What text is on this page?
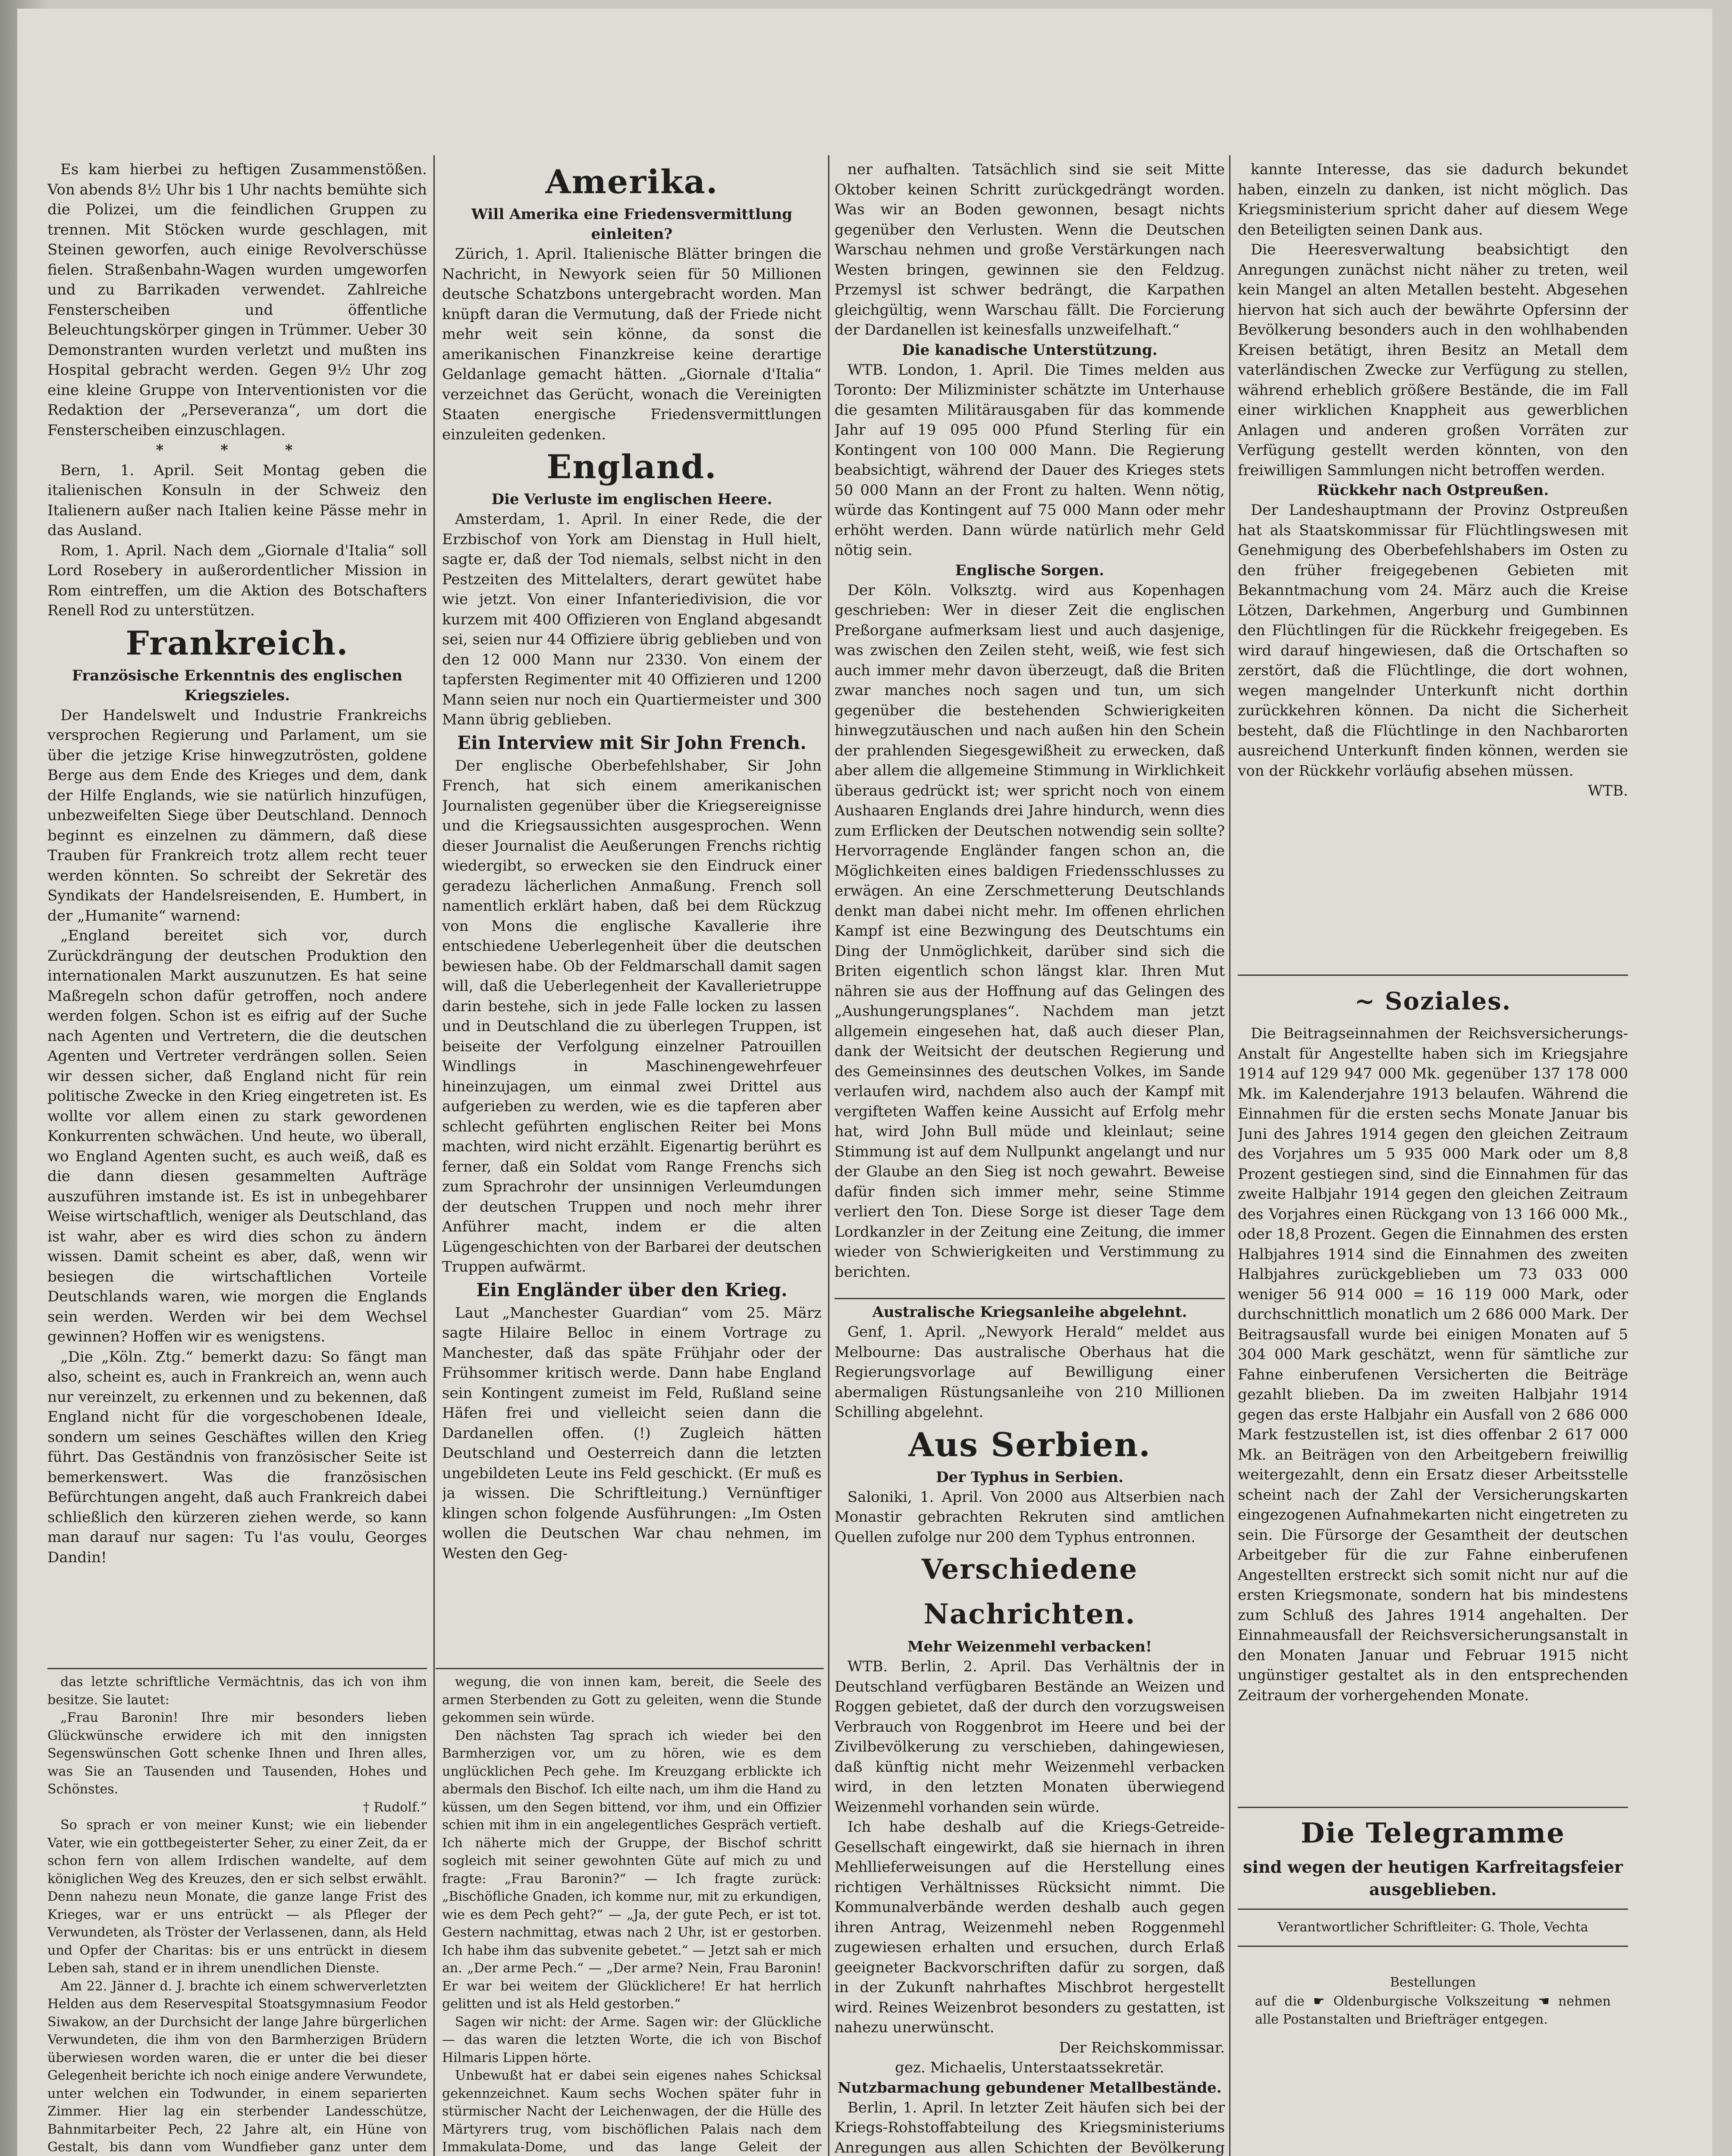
Es kam hierbei zu heftigen Zusammenstößen. Von abends 8½ Uhr bis 1 Uhr nachts bemühte sich die Polizei, um die feindlichen Gruppen zu trennen. Mit Stöcken wurde geschlagen, mit Steinen geworfen, auch einige Revolverschüsse fielen. Straßenbahn-Wagen wurden umgeworfen und zu Barrikaden verwendet. Zahlreiche Fensterscheiben und öffentliche Beleuchtungskörper gingen in Trümmer. Ueber 30 Demonstranten wurden verletzt und mußten ins Hospital gebracht werden. Gegen 9½ Uhr zog eine kleine Gruppe von Interventionisten vor die Redaktion der „Perseveranza“, um dort die Fensterscheiben einzuschlagen.

* * *

Bern, 1. April. Seit Montag geben die italienischen Konsuln in der Schweiz den Italienern außer nach Italien keine Pässe mehr in das Ausland.

Rom, 1. April. Nach dem „Giornale d'Italia“ soll Lord Rosebery in außerordentlicher Mission in Rom eintreffen, um die Aktion des Botschafters Renell Rod zu unterstützen.

Frankreich.

Französische Erkenntnis des englischen Kriegszieles.

Der Handelswelt und Industrie Frankreichs versprochen Regierung und Parlament, um sie über die jetzige Krise hinwegzutrösten, goldene Berge aus dem Ende des Krieges und dem, dank der Hilfe Englands, wie sie natürlich hinzufügen, unbezweifelten Siege über Deutschland. Dennoch beginnt es einzelnen zu dämmern, daß diese Trauben für Frankreich trotz allem recht teuer werden könnten. So schreibt der Sekretär des Syndikats der Handelsreisenden, E. Humbert, in der „Humanite“ warnend:

„England bereitet sich vor, durch Zurückdrängung der deutschen Produktion den internationalen Markt auszunutzen. Es hat seine Maßregeln schon dafür getroffen, noch andere werden folgen. Schon ist es eifrig auf der Suche nach Agenten und Vertretern, die die deutschen Agenten und Vertreter verdrängen sollen. Seien wir dessen sicher, daß England nicht für rein politische Zwecke in den Krieg eingetreten ist. Es wollte vor allem einen zu stark gewordenen Konkurrenten schwächen. Und heute, wo überall, wo England Agenten sucht, es auch weiß, daß es die dann diesen gesammelten Aufträge auszuführen imstande ist. Es ist in unbegehbarer Weise wirtschaftlich, weniger als Deutschland, das ist wahr, aber es wird dies schon zu ändern wissen. Damit scheint es aber, daß, wenn wir besiegen die wirtschaftlichen Vorteile Deutschlands waren, wie morgen die Englands sein werden. Werden wir bei dem Wechsel gewinnen? Hoffen wir es wenigstens.

„Die „Köln. Ztg.“ bemerkt dazu: So fängt man also, scheint es, auch in Frankreich an, wenn auch nur vereinzelt, zu erkennen und zu bekennen, daß England nicht für die vorgeschobenen Ideale, sondern um seines Geschäftes willen den Krieg führt. Das Geständnis von französischer Seite ist bemerkenswert. Was die französischen Befürchtungen angeht, daß auch Frankreich dabei schließlich den kürzeren ziehen werde, so kann man darauf nur sagen: Tu l'as voulu, Georges Dandin!

das letzte schriftliche Vermächtnis, das ich von ihm besitze. Sie lautet:

„Frau Baronin! Ihre mir besonders lieben Glückwünsche erwidere ich mit den innigsten Segenswünschen Gott schenke Ihnen und Ihren alles, was Sie an Tausenden und Tausenden, Hohes und Schönstes.

† Rudolf.“

So sprach er von meiner Kunst; wie ein liebender Vater, wie ein gottbegeisterter Seher, zu einer Zeit, da er schon fern von allem Irdischen wandelte, auf dem königlichen Weg des Kreuzes, den er sich selbst erwählt. Denn nahezu neun Monate, die ganze lange Frist des Krieges, war er uns entrückt — als Pfleger der Verwundeten, als Tröster der Verlassenen, dann, als Held und Opfer der Charitas: bis er uns entrückt in diesem Leben sah, stand er in ihrem unendlichen Dienste.

Am 22. Jänner d. J. brachte ich einem schwerverletzten Helden aus dem Reservespital Stoatsgymnasium Feodor Siwakow, an der Durchsicht der lange Jahre bürgerlichen Verwundeten, die ihm von den Barmherzigen Brüdern überwiesen worden waren, die er unter die bei dieser Gelegenheit berichte ich noch einige andere Verwundete, unter welchen ein Todwunder, in einem separierten Zimmer. Hier lag ein sterbender Landesschütze, Bahnmitarbeiter Pech, 22 Jahre alt, ein Hüne von Gestalt, bis dann vom Wundfieber ganz unter dem

Amerika.

Will Amerika eine Friedensvermittlung einleiten?

Zürich, 1. April. Italienische Blätter bringen die Nachricht, in Newyork seien für 50 Millionen deutsche Schatzbons untergebracht worden. Man knüpft daran die Vermutung, daß der Friede nicht mehr weit sein könne, da sonst die amerikanischen Finanzkreise keine derartige Geldanlage gemacht hätten. „Giornale d'Italia“ verzeichnet das Gerücht, wonach die Vereinigten Staaten energische Friedensvermittlungen einzuleiten gedenken.

England.

Die Verluste im englischen Heere.

Amsterdam, 1. April. In einer Rede, die der Erzbischof von York am Dienstag in Hull hielt, sagte er, daß der Tod niemals, selbst nicht in den Pestzeiten des Mittelalters, derart gewütet habe wie jetzt. Von einer Infanteriedivision, die vor kurzem mit 400 Offizieren von England abgesandt sei, seien nur 44 Offiziere übrig geblieben und von den 12 000 Mann nur 2330. Von einem der tapfersten Regimenter mit 40 Offizieren und 1200 Mann seien nur noch ein Quartiermeister und 300 Mann übrig geblieben.

Ein Interview mit Sir John French.

Der englische Oberbefehlshaber, Sir John French, hat sich einem amerikanischen Journalisten gegenüber über die Kriegsereignisse und die Kriegsaussichten ausgesprochen. Wenn dieser Journalist die Aeußerungen Frenchs richtig wiedergibt, so erwecken sie den Eindruck einer geradezu lächerlichen Anmaßung. French soll namentlich erklärt haben, daß bei dem Rückzug von Mons die englische Kavallerie ihre entschiedene Ueberlegenheit über die deutschen bewiesen habe. Ob der Feldmarschall damit sagen will, daß die Ueberlegenheit der Kavallerietruppe darin bestehe, sich in jede Falle locken zu lassen und in Deutschland die zu überlegen Truppen, ist beiseite der Verfolgung einzelner Patrouillen Windlings in Maschinengewehrfeuer hineinzujagen, um einmal zwei Drittel aus aufgerieben zu werden, wie es die tapferen aber schlecht geführten englischen Reiter bei Mons machten, wird nicht erzählt. Eigenartig berührt es ferner, daß ein Soldat vom Range Frenchs sich zum Sprachrohr der unsinnigen Verleumdungen der deutschen Truppen und noch mehr ihrer Anführer macht, indem er die alten Lügengeschichten von der Barbarei der deutschen Truppen aufwärmt.

Ein Engländer über den Krieg.

Laut „Manchester Guardian“ vom 25. März sagte Hilaire Belloc in einem Vortrage zu Manchester, daß das späte Frühjahr oder der Frühsommer kritisch werde. Dann habe England sein Kontingent zumeist im Feld, Rußland seine Häfen frei und vielleicht seien dann die Dardanellen offen. (!) Zugleich hätten Deutschland und Oesterreich dann die letzten ungebildeten Leute ins Feld geschickt. (Er muß es ja wissen. Die Schriftleitung.) Vernünftiger klingen schon folgende Ausführungen: „Im Osten wollen die Deutschen War chau nehmen, im Westen den Geg-

wegung, die von innen kam, bereit, die Seele des armen Sterbenden zu Gott zu geleiten, wenn die Stunde gekommen sein würde.

Den nächsten Tag sprach ich wieder bei den Barmherzigen vor, um zu hören, wie es dem unglücklichen Pech gehe. Im Kreuzgang erblickte ich abermals den Bischof. Ich eilte nach, um ihm die Hand zu küssen, um den Segen bittend, vor ihm, und ein Offizier schien mit ihm in ein angelegentliches Gespräch vertieft. Ich näherte mich der Gruppe, der Bischof schritt sogleich mit seiner gewohnten Güte auf mich zu und fragte: „Frau Baronin?“ — Ich fragte zurück: „Bischöfliche Gnaden, ich komme nur, mit zu erkundigen, wie es dem Pech geht?“ — „Ja, der gute Pech, er ist tot. Gestern nachmittag, etwas nach 2 Uhr, ist er gestorben. Ich habe ihm das subvenite gebetet.“ — Jetzt sah er mich an. „Der arme Pech.“ — „Der arme? Nein, Frau Baronin! Er war bei weitem der Glücklichere! Er hat herrlich gelitten und ist als Held gestorben.“

Sagen wir nicht: der Arme. Sagen wir: der Glückliche — das waren die letzten Worte, die ich von Bischof Hilmaris Lippen hörte.

Unbewußt hat er dabei sein eigenes nahes Schicksal gekennzeichnet. Kaum sechs Wochen später fuhr in stürmischer Nacht der Leichenwagen, der die Hülle des Märtyrers trug, vom bischöflichen Palais nach dem Immakulata-Dome, und das lange Geleit der

ner aufhalten. Tatsächlich sind sie seit Mitte Oktober keinen Schritt zurückgedrängt worden. Was wir an Boden gewonnen, besagt nichts gegenüber den Verlusten. Wenn die Deutschen Warschau nehmen und große Verstärkungen nach Westen bringen, gewinnen sie den Feldzug. Przemysl ist schwer bedrängt, die Karpathen gleichgültig, wenn Warschau fällt. Die Forcierung der Dardanellen ist keinesfalls unzweifelhaft.“

Die kanadische Unterstützung.

WTB. London, 1. April. Die Times melden aus Toronto: Der Milizminister schätzte im Unterhause die gesamten Militärausgaben für das kommende Jahr auf 19 095 000 Pfund Sterling für ein Kontingent von 100 000 Mann. Die Regierung beabsichtigt, während der Dauer des Krieges stets 50 000 Mann an der Front zu halten. Wenn nötig, würde das Kontingent auf 75 000 Mann oder mehr erhöht werden. Dann würde natürlich mehr Geld nötig sein.

Englische Sorgen.

Der Köln. Volksztg. wird aus Kopenhagen geschrieben: Wer in dieser Zeit die englischen Preßorgane aufmerksam liest und auch dasjenige, was zwischen den Zeilen steht, weiß, wie fest sich auch immer mehr davon überzeugt, daß die Briten zwar manches noch sagen und tun, um sich gegenüber die bestehenden Schwierigkeiten hinwegzutäuschen und nach außen hin den Schein der prahlenden Siegesgewißheit zu erwecken, daß aber allem die allgemeine Stimmung in Wirklichkeit überaus gedrückt ist; wer spricht noch von einem Aushaaren Englands drei Jahre hindurch, wenn dies zum Erflicken der Deutschen notwendig sein sollte? Hervorragende Engländer fangen schon an, die Möglichkeiten eines baldigen Friedensschlusses zu erwägen. An eine Zerschmetterung Deutschlands denkt man dabei nicht mehr. Im offenen ehrlichen Kampf ist eine Bezwingung des Deutschtums ein Ding der Unmöglichkeit, darüber sind sich die Briten eigentlich schon längst klar. Ihren Mut nähren sie aus der Hoffnung auf das Gelingen des „Aushungerungsplanes“. Nachdem man jetzt allgemein eingesehen hat, daß auch dieser Plan, dank der Weitsicht der deutschen Regierung und des Gemeinsinnes des deutschen Volkes, im Sande verlaufen wird, nachdem also auch der Kampf mit vergifteten Waffen keine Aussicht auf Erfolg mehr hat, wird John Bull müde und kleinlaut; seine Stimmung ist auf dem Nullpunkt angelangt und nur der Glaube an den Sieg ist noch gewahrt. Beweise dafür finden sich immer mehr, seine Stimme verliert den Ton. Diese Sorge ist dieser Tage dem Lordkanzler in der Zeitung eine Zeitung, die immer wieder von Schwierigkeiten und Verstimmung zu berichten.

Australische Kriegsanleihe abgelehnt.

Genf, 1. April. „Newyork Herald“ meldet aus Melbourne: Das australische Oberhaus hat die Regierungsvorlage auf Bewilligung einer abermaligen Rüstungsanleihe von 210 Millionen Schilling abgelehnt.

Aus Serbien.

Der Typhus in Serbien.

Saloniki, 1. April. Von 2000 aus Altserbien nach Monastir gebrachten Rekruten sind amtlichen Quellen zufolge nur 200 dem Typhus entronnen.

Verschiedene Nachrichten.

Mehr Weizenmehl verbacken!

WTB. Berlin, 2. April. Das Verhältnis der in Deutschland verfügbaren Bestände an Weizen und Roggen gebietet, daß der durch den vorzugsweisen Verbrauch von Roggenbrot im Heere und bei der Zivilbevölkerung zu verschieben, dahingewiesen, daß künftig nicht mehr Weizenmehl verbacken wird, in den letzten Monaten überwiegend Weizenmehl vorhanden sein würde.

Ich habe deshalb auf die Kriegs-Getreide-Gesellschaft eingewirkt, daß sie hiernach in ihren Mehllieferweisungen auf die Herstellung eines richtigen Verhältnisses Rücksicht nimmt. Die Kommunalverbände werden deshalb auch gegen ihren Antrag, Weizenmehl neben Roggenmehl zugewiesen erhalten und ersuchen, durch Erlaß geeigneter Backvorschriften dafür zu sorgen, daß in der Zukunft nahrhaftes Mischbrot hergestellt wird. Reines Weizenbrot besonders zu gestatten, ist nahezu unerwünscht.

Der Reichskommissar.

gez. Michaelis, Unterstaatssekretär.

Nutzbarmachung gebundener Metallbestände.

Berlin, 1. April. In letzter Zeit häufen sich bei der Kriegs-Rohstoffabteilung des Kriegsministeriums Anregungen aus allen Schichten der Bevölkerung

kannte Interesse, das sie dadurch bekundet haben, einzeln zu danken, ist nicht möglich. Das Kriegsministerium spricht daher auf diesem Wege den Beteiligten seinen Dank aus.

Die Heeresverwaltung beabsichtigt den Anregungen zunächst nicht näher zu treten, weil kein Mangel an alten Metallen besteht. Abgesehen hiervon hat sich auch der bewährte Opfersinn der Bevölkerung besonders auch in den wohlhabenden Kreisen betätigt, ihren Besitz an Metall dem vaterländischen Zwecke zur Verfügung zu stellen, während erheblich größere Bestände, die im Fall einer wirklichen Knappheit aus gewerblichen Anlagen und anderen großen Vorräten zur Verfügung gestellt werden könnten, von den freiwilligen Sammlungen nicht betroffen werden.

Rückkehr nach Ostpreußen.

Der Landeshauptmann der Provinz Ostpreußen hat als Staatskommissar für Flüchtlingswesen mit Genehmigung des Oberbefehlshabers im Osten zu den früher freigegebenen Gebieten mit Bekanntmachung vom 24. März auch die Kreise Lötzen, Darkehmen, Angerburg und Gumbinnen den Flüchtlingen für die Rückkehr freigegeben. Es wird darauf hingewiesen, daß die Ortschaften so zerstört, daß die Flüchtlinge, die dort wohnen, wegen mangelnder Unterkunft nicht dorthin zurückkehren können. Da nicht die Sicherheit besteht, daß die Flüchtlinge in den Nachbarorten ausreichend Unterkunft finden können, werden sie von der Rückkehr vorläufig absehen müssen.

WTB.

~ Soziales.

Die Beitragseinnahmen der Reichsversicherungs-Anstalt für Angestellte haben sich im Kriegsjahre 1914 auf 129 947 000 Mk. gegenüber 137 178 000 Mk. im Kalenderjahre 1913 belaufen. Während die Einnahmen für die ersten sechs Monate Januar bis Juni des Jahres 1914 gegen den gleichen Zeitraum des Vorjahres um 5 935 000 Mark oder um 8,8 Prozent gestiegen sind, sind die Einnahmen für das zweite Halbjahr 1914 gegen den gleichen Zeitraum des Vorjahres einen Rückgang von 13 166 000 Mk., oder 18,8 Prozent. Gegen die Einnahmen des ersten Halbjahres 1914 sind die Einnahmen des zweiten Halbjahres zurückgeblieben um 73 033 000 weniger 56 914 000 = 16 119 000 Mark, oder durchschnittlich monatlich um 2 686 000 Mark. Der Beitragsausfall wurde bei einigen Monaten auf 5 304 000 Mark geschätzt, wenn für sämtliche zur Fahne einberufenen Versicherten die Beiträge gezahlt blieben. Da im zweiten Halbjahr 1914 gegen das erste Halbjahr ein Ausfall von 2 686 000 Mark festzustellen ist, ist dies offenbar 2 617 000 Mk. an Beiträgen von den Arbeitgebern freiwillig weitergezahlt, denn ein Ersatz dieser Arbeitsstelle scheint nach der Zahl der Versicherungskarten eingezogenen Aufnahmekarten nicht eingetreten zu sein. Die Fürsorge der Gesamtheit der deutschen Arbeitgeber für die zur Fahne einberufenen Angestellten erstreckt sich somit nicht nur auf die ersten Kriegsmonate, sondern hat bis mindestens zum Schluß des Jahres 1914 angehalten. Der Einnahmeausfall der Reichsversicherungsanstalt in den Monaten Januar und Februar 1915 nicht ungünstiger gestaltet als in den entsprechenden Zeitraum der vorhergehenden Monate.

Die Telegramme

sind wegen der heutigen Karfreitagsfeier ausgeblieben.

Verantwortlicher Schriftleiter: G. Thole, Vechta

Bestellungen

auf die ☛ Oldenburgische Volkszeitung ☚ nehmen alle Postanstalten und Briefträger entgegen.
